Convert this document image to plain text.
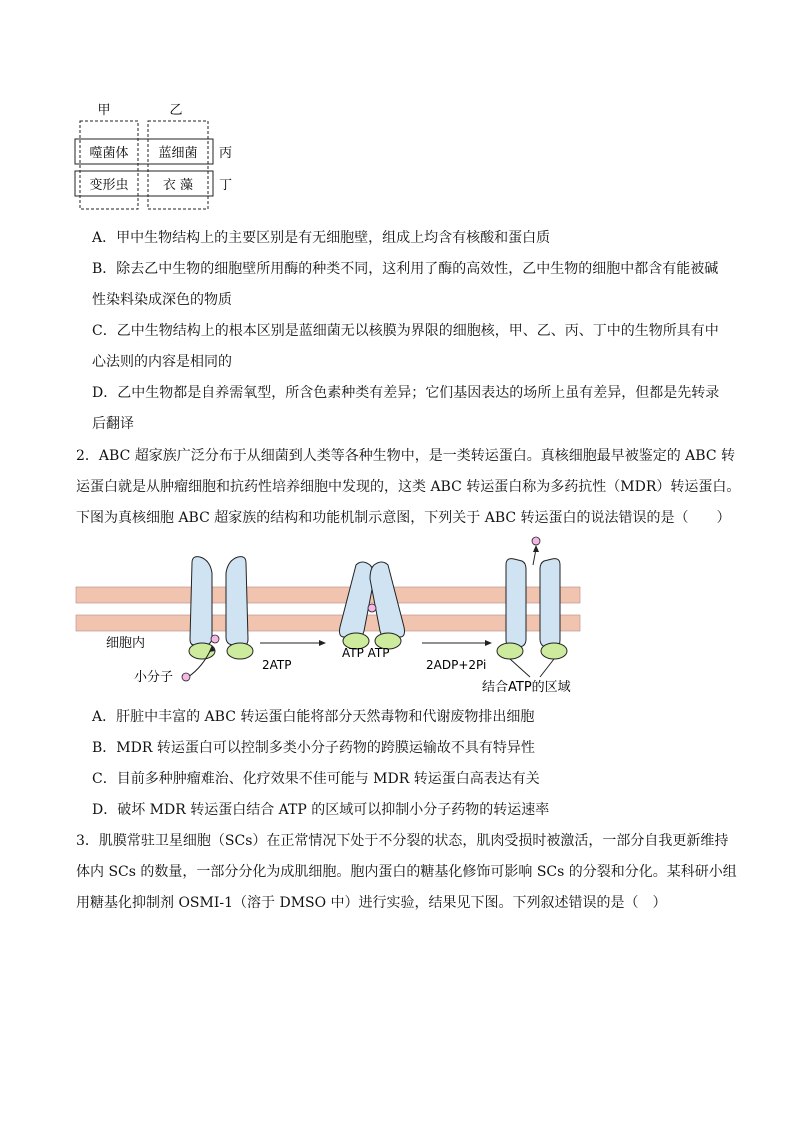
甲	乙
噬菌体 蓝细菌
变形虫	衣 藻
丙
丁
A．甲中生物结构上的主要区别是有无细胞壁，组成上均含有核酸和蛋白质
B．除去乙中生物的细胞壁所用酶的种类不同，这利用了酶的高效性，乙中生物的细胞中都含有能被碱
性染料染成深色的物质
C．乙中生物结构上的根本区别是蓝细菌无以核膜为界限的细胞核，甲、乙、丙、丁中的生物所具有中
心法则的内容是相同的
D．乙中生物都是自养需氧型，所含色素种类有差异；它们基因表达的场所上虽有差异，但都是先转录
后翻译
2．ABC 超家族广泛分布于从细菌到人类等各种生物中，是一类转运蛋白。真核细胞最早被鉴定的 ABC 转
运蛋白就是从肿瘤细胞和抗药性培养细胞中发现的，这类 ABC 转运蛋白称为多药抗性（MDR）转运蛋白。
下图为真核细胞 ABC 超家族的结构和功能机制示意图，下列关于 ABC 转运蛋白的说法错误的是（　　）
细胞内
小分子
2ATP
ATP ATP
2ADP+2Pi
结合ATP的区域
A．肝脏中丰富的 ABC 转运蛋白能将部分天然毒物和代谢废物排出细胞
B．MDR 转运蛋白可以控制多类小分子药物的跨膜运输故不具有特异性
C．目前多种肿瘤难治、化疗效果不佳可能与 MDR 转运蛋白高表达有关
D．破坏 MDR 转运蛋白结合 ATP 的区域可以抑制小分子药物的转运速率
3．肌膜常驻卫星细胞（SCs）在正常情况下处于不分裂的状态，肌肉受损时被激活，一部分自我更新维持
体内 SCs 的数量，一部分分化为成肌细胞。胞内蛋白的糖基化修饰可影响 SCs 的分裂和分化。某科研小组
用糖基化抑制剂 OSMI-1（溶于 DMSO 中）进行实验，结果见下图。下列叙述错误的是（　）
